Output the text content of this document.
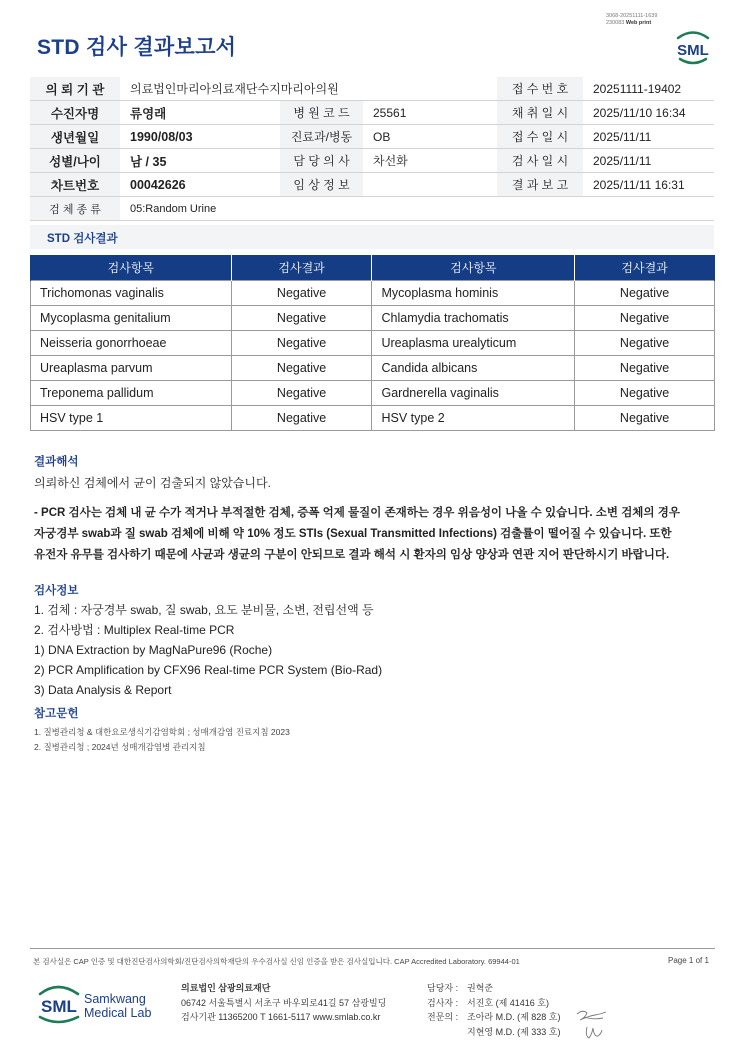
3068-20251111-1639
230083 Web print
STD 검사 결과보고서	SML
의 뢰 기 관	의료법인마리아의료재단수지마리아의원			접 수 번 호	20251111-19402
수진자명	류영래	병 원 코 드	25561	채 취 일 시	2025/11/10 16:34
생년월일	1990/08/03	진료과/병동	OB	접 수 일 시	2025/11/11
성별/나이	남 / 35	담 당 의 사	차선화	검 사 일 시	2025/11/11
차트번호	00042626	임 상 정 보		결 과 보 고	2025/11/11 16:31
검 체 종 류	05:Random Urine				
STD 검사결과
검사항목	검사결과	검사항목	검사결과
Trichomonas vaginalis	Negative	Mycoplasma hominis	Negative
Mycoplasma genitalium	Negative	Chlamydia trachomatis	Negative
Neisseria gonorrhoeae	Negative	Ureaplasma urealyticum	Negative
Ureaplasma parvum	Negative	Candida albicans	Negative
Treponema pallidum	Negative	Gardnerella vaginalis	Negative
HSV type 1	Negative	HSV type 2	Negative
결과해석
의뢰하신 검체에서 균이 검출되지 않았습니다.
- PCR 검사는 검체 내 균 수가 적거나 부적절한 검체, 증폭 억제 물질이 존재하는 경우 위음성이 나올 수 있습니다. 소변 검체의 경우
자궁경부 swab과 질 swab 검체에 비해 약 10% 정도 STIs (Sexual Transmitted Infections) 검출률이 떨어질 수 있습니다. 또한
유전자 유무를 검사하기 때문에 사균과 생균의 구분이 안되므로 결과 해석 시 환자의 임상 양상과 연관 지어 판단하시기 바랍니다.
검사정보
1. 검체 : 자궁경부 swab, 질 swab, 요도 분비물, 소변, 전립선액 등
2. 검사방법 : Multiplex Real-time PCR
1) DNA Extraction by MagNaPure96 (Roche)
2) PCR Amplification by CFX96 Real-time PCR System (Bio-Rad)
3) Data Analysis & Report
참고문헌
1. 질병관리청 & 대한요로생식기감염학회 ; 성매개감염 진료지침 2023
2. 질병관리청 ; 2024년 성매개감염병 관리지침
본 검사실은 CAP 인증 및 대한진단검사의학회/진단검사의학재단의 우수검사실 신임 인증을 받은 검사실입니다. CAP Accredited Laboratory. 69944-01	Page 1 of 1
SML Samkwang
Medical Lab
의료법인 삼광의료재단
06742 서울특별시 서초구 바우뫼로41길 57 삼광빌딩
검사기관 11365200 T 1661-5117 www.smlab.co.kr
담당자 : 권혁준
검사자 : 서진호 (제 41416 호)
전문의 : 조아라 M.D. (제 828 호)
지현영 M.D. (제 333 호)
